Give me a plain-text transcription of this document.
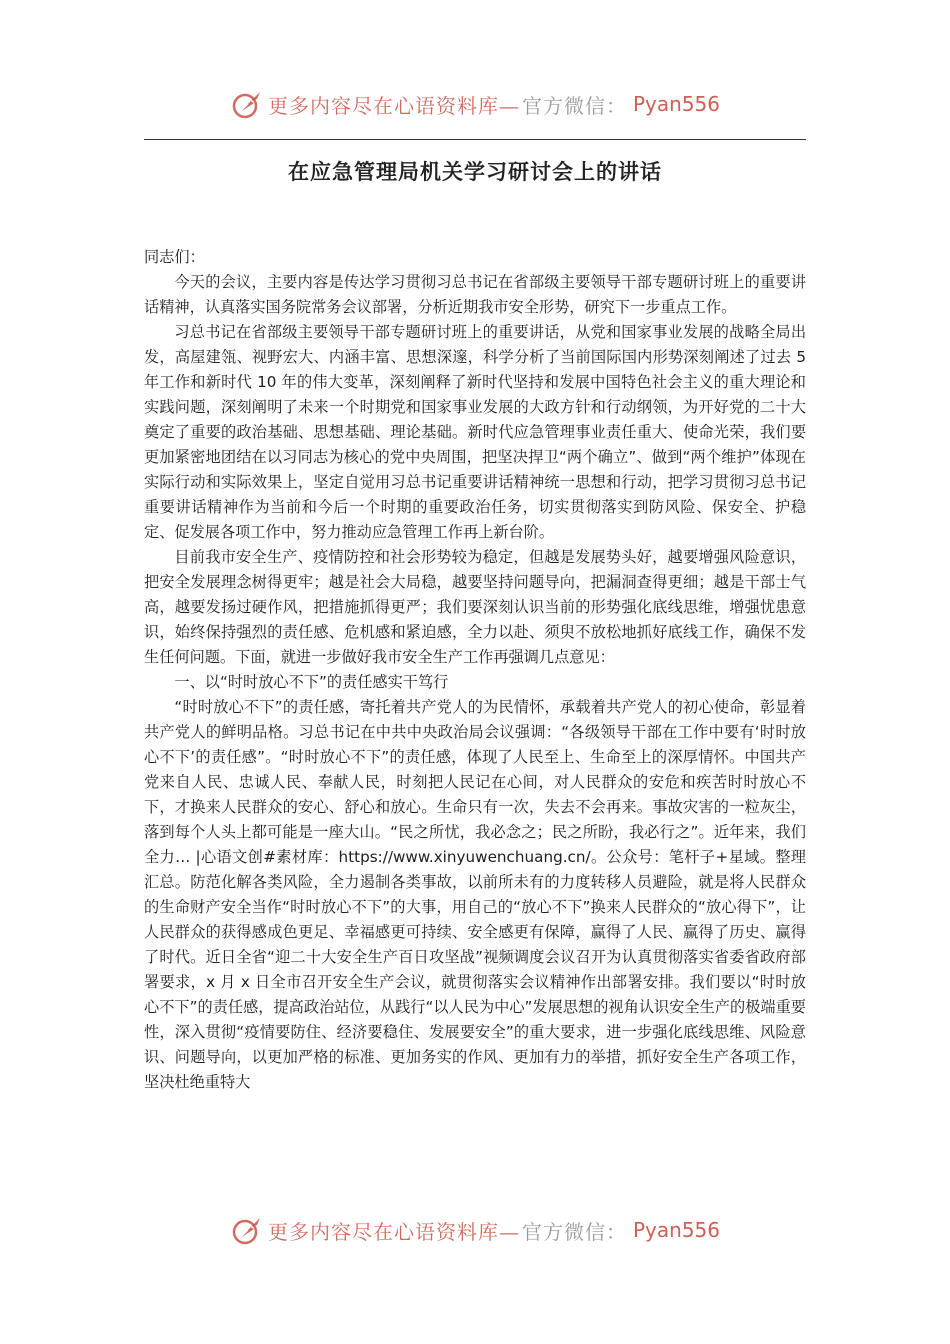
更多内容尽在心语资料库— 官方微信： Pyan556
在应急管理局机关学习研讨会上的讲话

同志们：

今天的会议，主要内容是传达学习贯彻习总书记在省部级主要领导干部专题研讨班上的重要讲话精神，认真落实国务院常务会议部署，分析近期我市安全形势，研究下一步重点工作。

习总书记在省部级主要领导干部专题研讨班上的重要讲话，从党和国家事业发展的战略全局出发，高屋建瓴、视野宏大、内涵丰富、思想深邃，科学分析了当前国际国内形势深刻阐述了过去 5 年工作和新时代 10 年的伟大变革，深刻阐释了新时代坚持和发展中国特色社会主义的重大理论和实践问题，深刻阐明了未来一个时期党和国家事业发展的大政方针和行动纲领，为开好党的二十大奠定了重要的政治基础、思想基础、理论基础。新时代应急管理事业责任重大、使命光荣，我们要更加紧密地团结在以习同志为核心的党中央周围，把坚决捍卫“两个确立”、做到“两个维护”体现在实际行动和实际效果上，坚定自觉用习总书记重要讲话精神统一思想和行动，把学习贯彻习总书记重要讲话精神作为当前和今后一个时期的重要政治任务，切实贯彻落实到防风险、保安全、护稳定、促发展各项工作中，努力推动应急管理工作再上新台阶。

目前我市安全生产、疫情防控和社会形势较为稳定，但越是发展势头好，越要增强风险意识，把安全发展理念树得更牢；越是社会大局稳，越要坚持问题导向，把漏洞查得更细；越是干部士气高，越要发扬过硬作风，把措施抓得更严；我们要深刻认识当前的形势强化底线思维，增强忧患意识，始终保持强烈的责任感、危机感和紧迫感，全力以赴、须臾不放松地抓好底线工作，确保不发生任何问题。下面，就进一步做好我市安全生产工作再强调几点意见：

一、以“时时放心不下”的责任感实干笃行

“时时放心不下”的责任感，寄托着共产党人的为民情怀，承载着共产党人的初心使命，彰显着共产党人的鲜明品格。习总书记在中共中央政治局会议强调：“各级领导干部在工作中要有‘时时放心不下’的责任感”。“时时放心不下”的责任感，体现了人民至上、生命至上的深厚情怀。中国共产党来自人民、忠诚人民、奉献人民，时刻把人民记在心间，对人民群众的安危和疾苦时时放心不下，才换来人民群众的安心、舒心和放心。生命只有一次，失去不会再来。事故灾害的一粒灰尘，落到每个人头上都可能是一座大山。“民之所忧，我必念之；民之所盼，我必行之”。近年来，我们全力… |心语文创#素材库：https://www.xinyuwenchuang.cn/。公众号：笔杆子+星域。整理汇总。防范化解各类风险，全力遏制各类事故，以前所未有的力度转移人员避险，就是将人民群众的生命财产安全当作“时时放心不下”的大事，用自己的“放心不下”换来人民群众的“放心得下”，让人民群众的获得感成色更足、幸福感更可持续、安全感更有保障，赢得了人民、赢得了历史、赢得了时代。近日全省“迎二十大安全生产百日攻坚战”视频调度会议召开为认真贯彻落实省委省政府部署要求，x 月 x 日全市召开安全生产会议，就贯彻落实会议精神作出部署安排。我们要以“时时放心不下”的责任感，提高政治站位，从践行“以人民为中心”发展思想的视角认识安全生产的极端重要性，深入贯彻“疫情要防住、经济要稳住、发展要安全”的重大要求，进一步强化底线思维、风险意识、问题导向，以更加严格的标准、更加务实的作风、更加有力的举措，抓好安全生产各项工作，坚决杜绝重特大

更多内容尽在心语资料库— 官方微信： Pyan556
